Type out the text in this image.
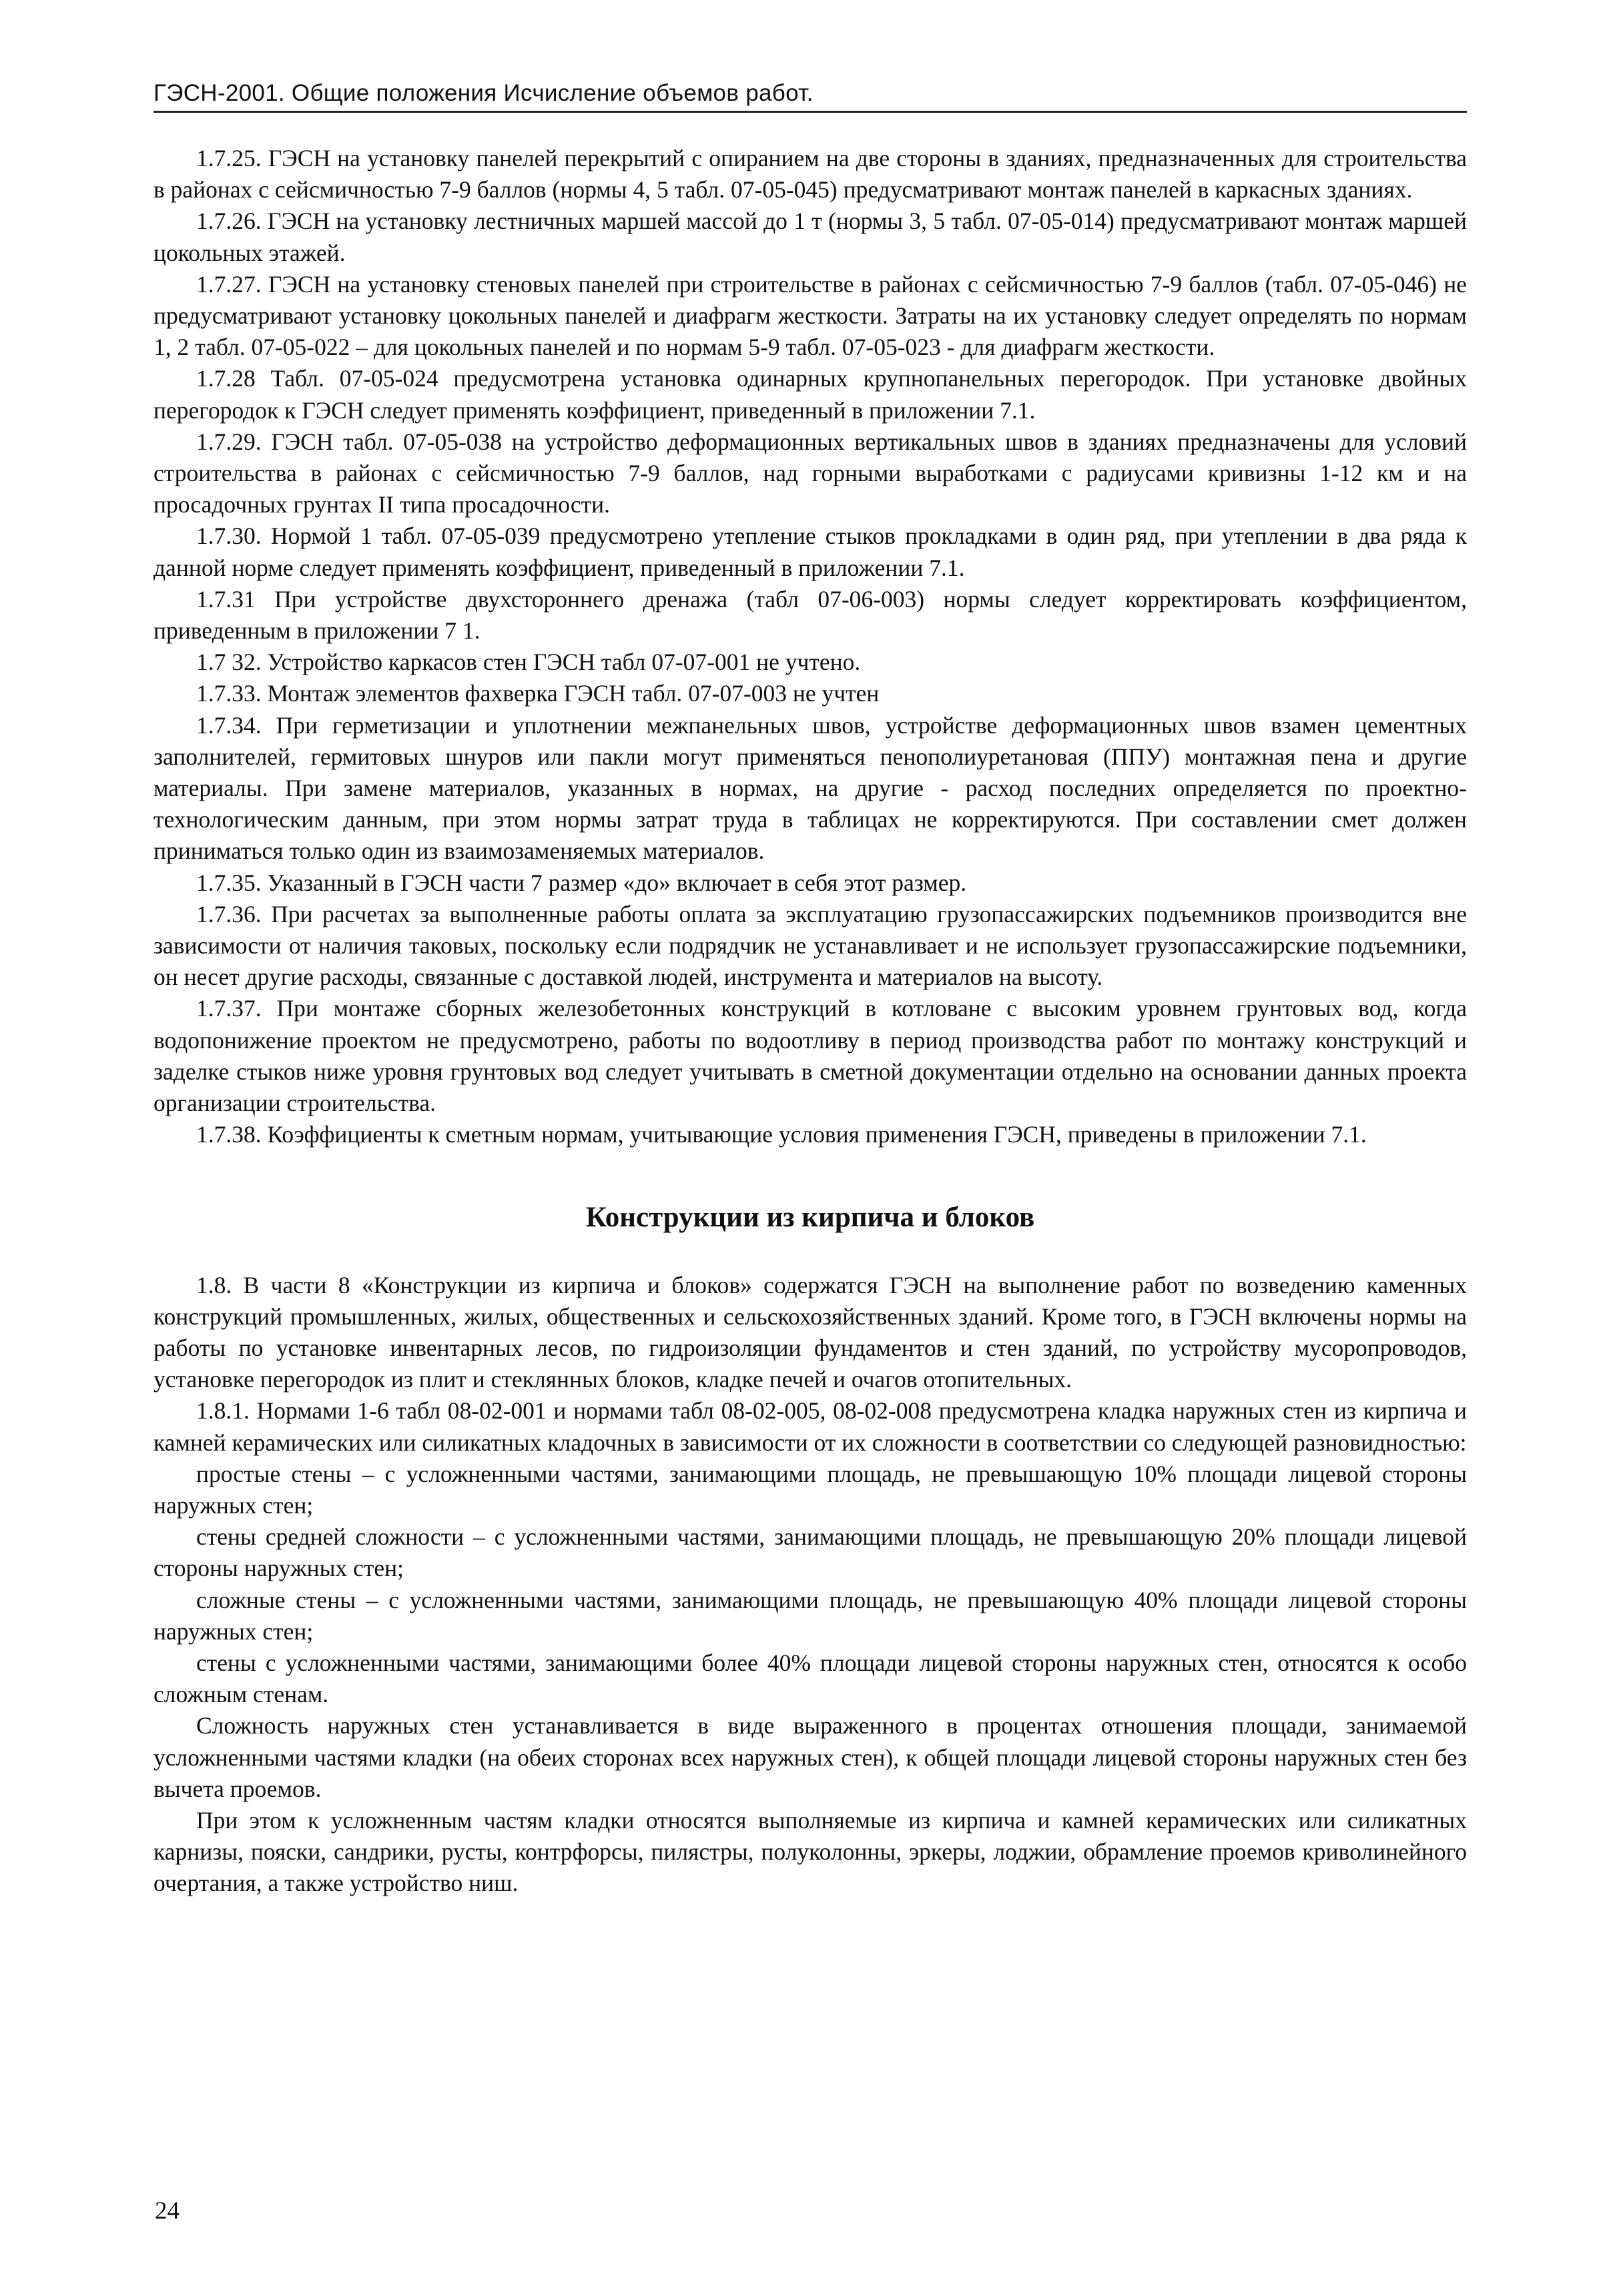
ГЭСН-2001. Общие положения Исчисление объемов работ.

1.7.25. ГЭСН на установку панелей перекрытий с опиранием на две стороны в зданиях, предназначенных для строительства в районах с сейсмичностью 7-9 баллов (нормы 4, 5 табл. 07-05-045) предусматривают монтаж панелей в каркасных зданиях.

1.7.26. ГЭСН на установку лестничных маршей массой до 1 т (нормы 3, 5 табл. 07-05-014) предусматривают монтаж маршей цокольных этажей.

1.7.27. ГЭСН на установку стеновых панелей при строительстве в районах с сейсмичностью 7-9 баллов (табл. 07-05-046) не предусматривают установку цокольных панелей и диафрагм жесткости. Затраты на их установку следует определять по нормам 1, 2 табл. 07-05-022 – для цокольных панелей и по нормам 5-9 табл. 07-05-023 - для диафрагм жесткости.

1.7.28 Табл. 07-05-024 предусмотрена установка одинарных крупнопанельных перегородок. При установке двойных перегородок к ГЭСН следует применять коэффициент, приведенный в приложении 7.1.

1.7.29. ГЭСН табл. 07-05-038 на устройство деформационных вертикальных швов в зданиях предназначены для условий строительства в районах с сейсмичностью 7-9 баллов, над горными выработками с радиусами кривизны 1-12 км и на просадочных грунтах II типа просадочности.

1.7.30. Нормой 1 табл. 07-05-039 предусмотрено утепление стыков прокладками в один ряд, при утеплении в два ряда к данной норме следует применять коэффициент, приведенный в приложении 7.1.

1.7.31 При устройстве двухстороннего дренажа (табл 07-06-003) нормы следует корректировать коэффициентом, приведенным в приложении 7 1.

1.7 32. Устройство каркасов стен ГЭСН табл 07-07-001 не учтено.

1.7.33. Монтаж элементов фахверка ГЭСН табл. 07-07-003 не учтен

1.7.34. При герметизации и уплотнении межпанельных швов, устройстве деформационных швов взамен цементных заполнителей, гермитовых шнуров или пакли могут применяться пенополиуретановая (ППУ) монтажная пена и другие материалы. При замене материалов, указанных в нормах, на другие - расход последних определяется по проектно-технологическим данным, при этом нормы затрат труда в таблицах не корректируются. При составлении смет должен приниматься только один из взаимозаменяемых материалов.

1.7.35. Указанный в ГЭСН части 7 размер «до» включает в себя этот размер.

1.7.36. При расчетах за выполненные работы оплата за эксплуатацию грузопассажирских подъемников производится вне зависимости от наличия таковых, поскольку если подрядчик не устанавливает и не использует грузопассажирские подъемники, он несет другие расходы, связанные с доставкой людей, инструмента и материалов на высоту.

1.7.37. При монтаже сборных железобетонных конструкций в котловане с высоким уровнем грунтовых вод, когда водопонижение проектом не предусмотрено, работы по водоотливу в период производства работ по монтажу конструкций и заделке стыков ниже уровня грунтовых вод следует учитывать в сметной документации отдельно на основании данных проекта организации строительства.

1.7.38. Коэффициенты к сметным нормам, учитывающие условия применения ГЭСН, приведены в приложении 7.1.

Конструкции из кирпича и блоков

1.8. В части 8 «Конструкции из кирпича и блоков» содержатся ГЭСН на выполнение работ по возведению каменных конструкций промышленных, жилых, общественных и сельскохозяйственных зданий. Кроме того, в ГЭСН включены нормы на работы по установке инвентарных лесов, по гидроизоляции фундаментов и стен зданий, по устройству мусоропроводов, установке перегородок из плит и стеклянных блоков, кладке печей и очагов отопительных.

1.8.1. Нормами 1-6 табл 08-02-001 и нормами табл 08-02-005, 08-02-008 предусмотрена кладка наружных стен из кирпича и камней керамических или силикатных кладочных в зависимости от их сложности в соответствии со следующей разновидностью:

простые стены – с усложненными частями, занимающими площадь, не превышающую 10% площади лицевой стороны наружных стен;

стены средней сложности – с усложненными частями, занимающими площадь, не превышающую 20% площади лицевой стороны наружных стен;

сложные стены – с усложненными частями, занимающими площадь, не превышающую 40% площади лицевой стороны наружных стен;

стены с усложненными частями, занимающими более 40% площади лицевой стороны наружных стен, относятся к особо сложным стенам.

Сложность наружных стен устанавливается в виде выраженного в процентах отношения площади, занимаемой усложненными частями кладки (на обеих сторонах всех наружных стен), к общей площади лицевой стороны наружных стен без вычета проемов.

При этом к усложненным частям кладки относятся выполняемые из кирпича и камней керамических или силикатных карнизы, пояски, сандрики, русты, контрфорсы, пилястры, полуколонны, эркеры, лоджии, обрамление проемов криволинейного очертания, а также устройство ниш.

24
